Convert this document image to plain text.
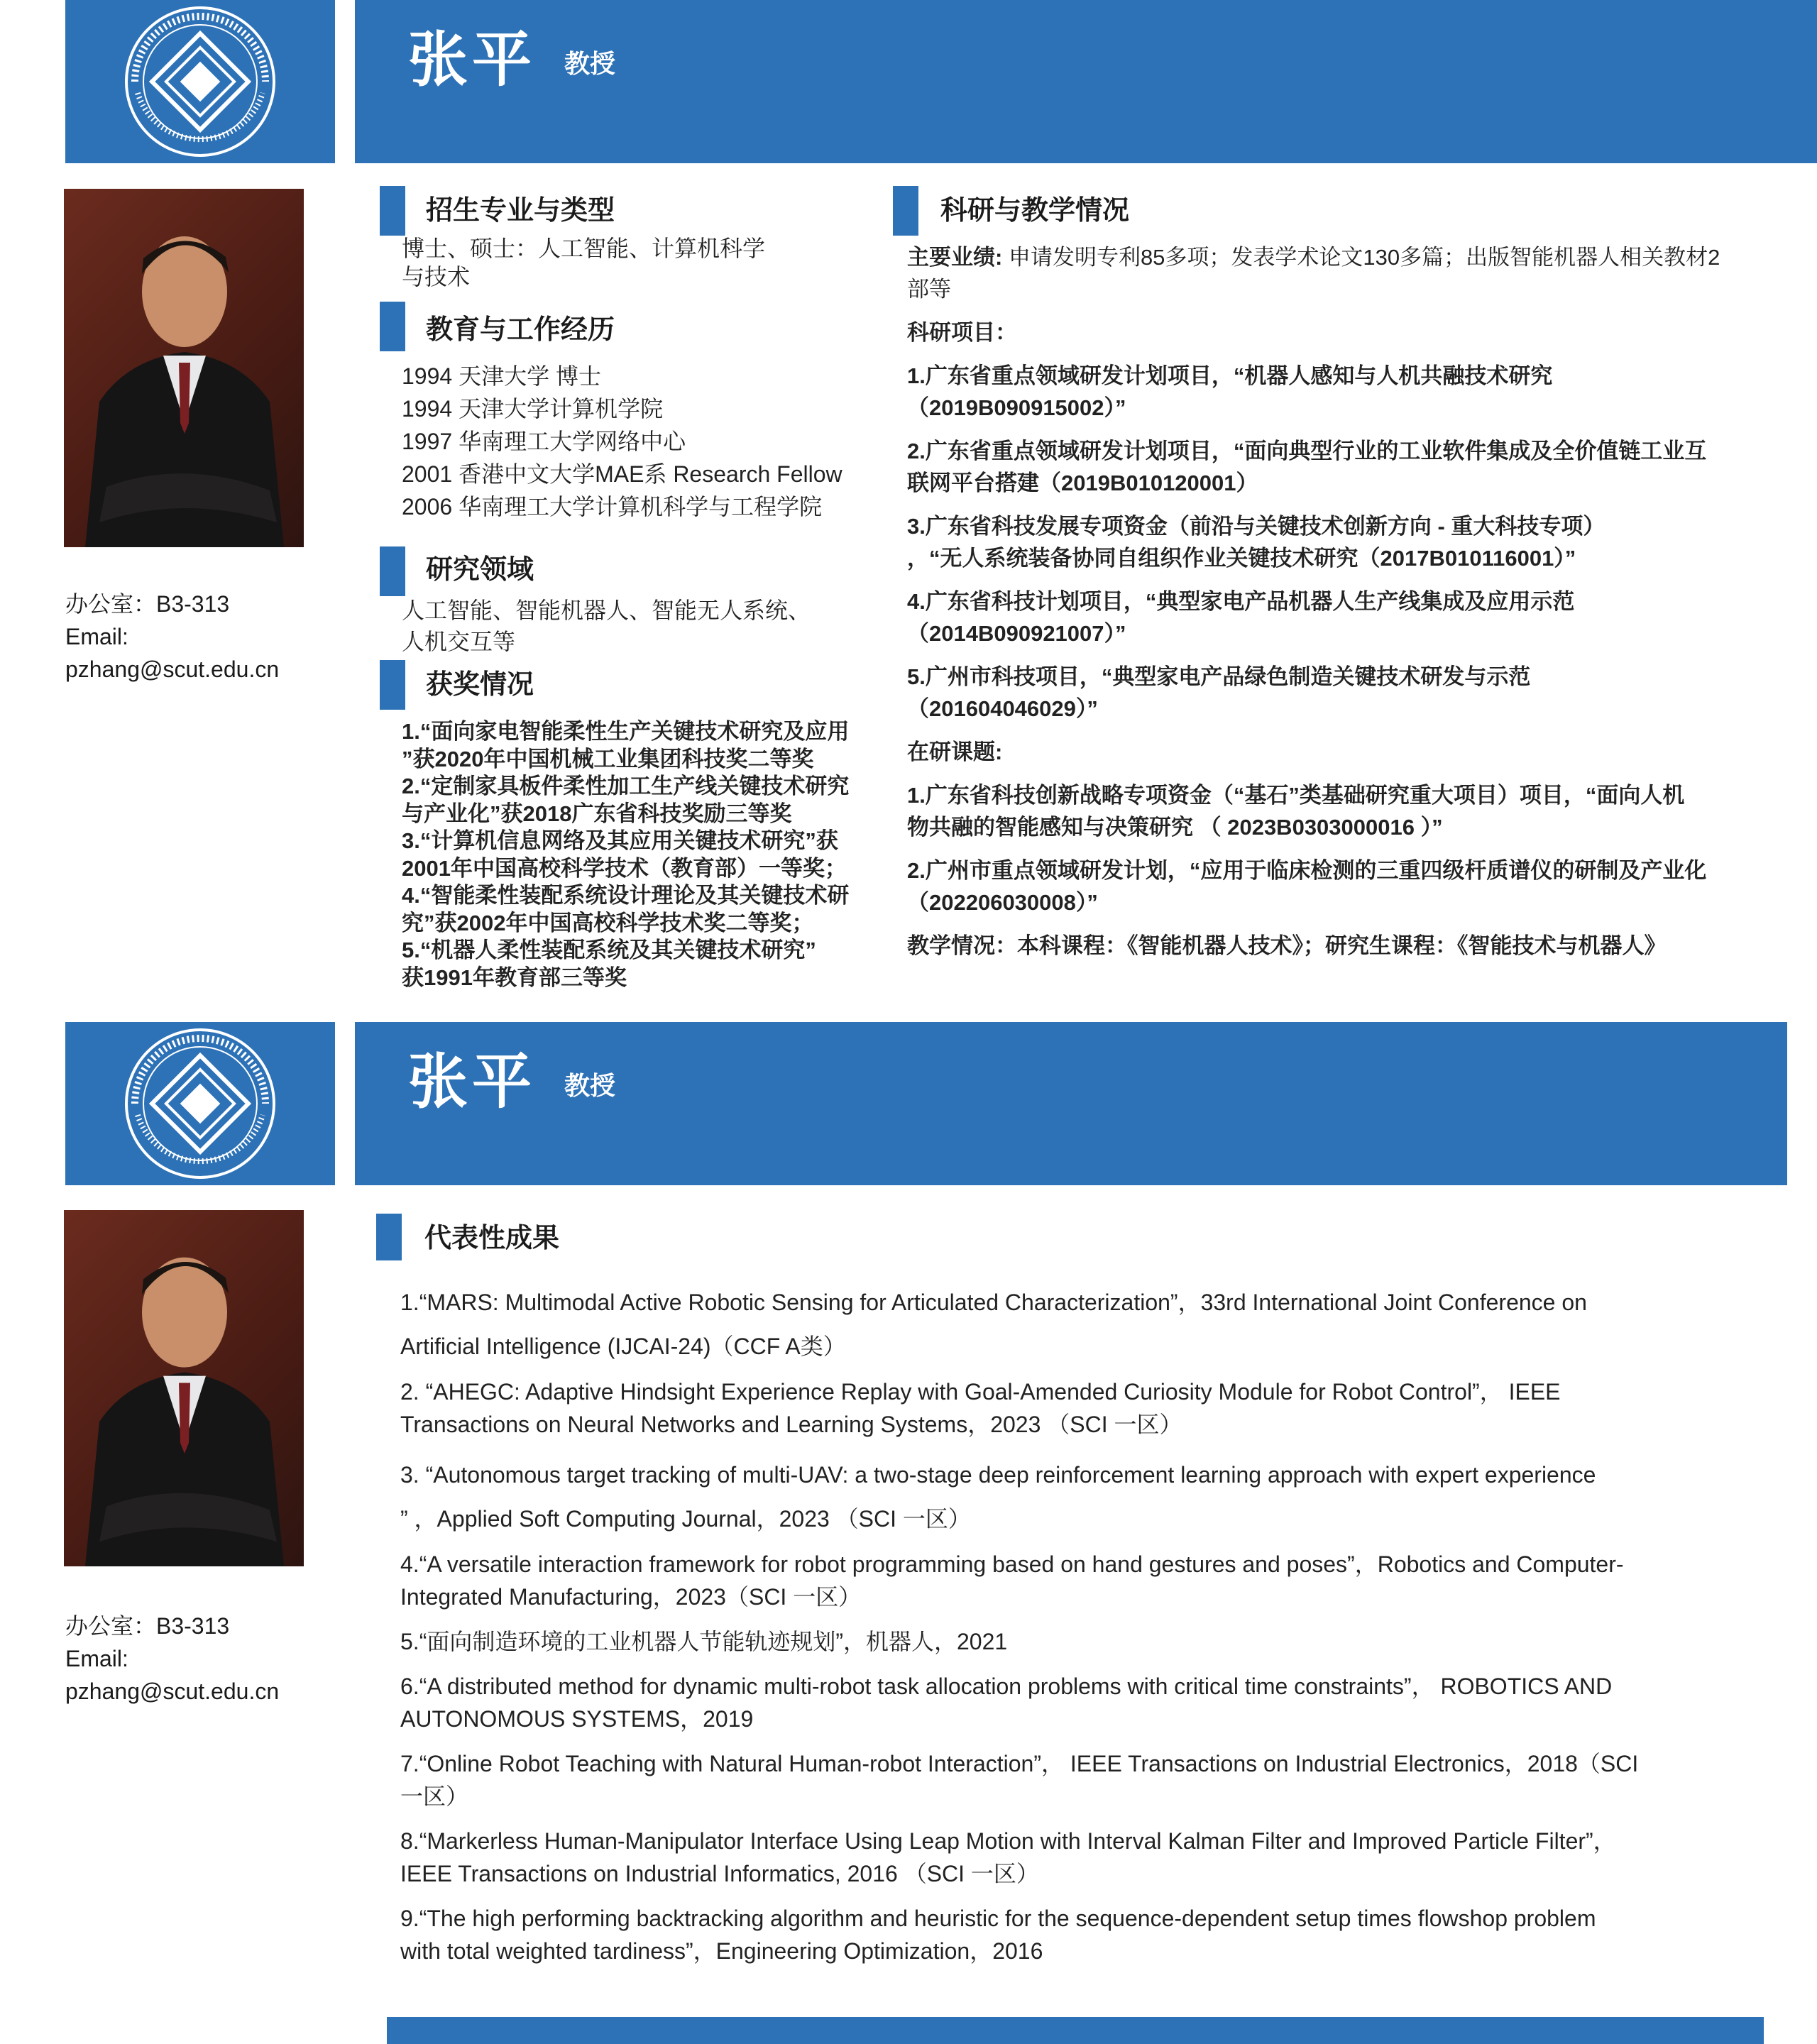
张平 教授
办公室：B3-313
Email:
pzhang@scut.edu.cn
招生专业与类型

博士、硕士：人工智能、计算机科学

与技术

教育与工作经历

1994 天津大学 博士

1994 天津大学计算机学院

1997 华南理工大学网络中心

2001 香港中文大学MAE系 Research Fellow

2006 华南理工大学计算机科学与工程学院

研究领域

人工智能、智能机器人、智能无人系统、

人机交互等

获奖情况

1.“面向家电智能柔性生产关键技术研究及应用

”获2020年中国机械工业集团科技奖二等奖

2.“定制家具板件柔性加工生产线关键技术研究

与产业化”获2018广东省科技奖励三等奖

3.“计算机信息网络及其应用关键技术研究”获

2001年中国高校科学技术（教育部）一等奖；

4.“智能柔性装配系统设计理论及其关键技术研

究”获2002年中国高校科学技术奖二等奖；

5.“机器人柔性装配系统及其关键技术研究”

获1991年教育部三等奖

科研与教学情况

主要业绩: 申请发明专利85多项；发表学术论文130多篇；出版智能机器人相关教材2
部等

科研项目：

1.广东省重点领域研发计划项目，“机器人感知与人机共融技术研究
（2019B090915002）”

2.广东省重点领域研发计划项目，“面向典型行业的工业软件集成及全价值链工业互
联网平台搭建（2019B010120001）

3.广东省科技发展专项资金（前沿与关键技术创新方向 - 重大科技专项）
，“无人系统装备协同自组织作业关键技术研究（2017B010116001）”

4.广东省科技计划项目，“典型家电产品机器人生产线集成及应用示范
（2014B090921007）”

5.广州市科技项目，“典型家电产品绿色制造关键技术研发与示范
（201604046029）”

在研课题:

1.广东省科技创新战略专项资金（“基石”类基础研究重大项目）项目，“面向人机
物共融的智能感知与决策研究 （ 2023B0303000016 ）”

2.广州市重点领域研发计划，“应用于临床检测的三重四级杆质谱仪的研制及产业化
（202206030008）”

教学情况：本科课程：《智能机器人技术》；研究生课程：《智能技术与机器人》

张平 教授
办公室：B3-313
Email:
pzhang@scut.edu.cn
代表性成果

1.“MARS: Multimodal Active Robotic Sensing for Articulated Characterization”，33rd International Joint Conference on
Artificial Intelligence (IJCAI-24)（CCF A类）

2. “AHEGC: Adaptive Hindsight Experience Replay with Goal-Amended Curiosity Module for Robot Control”， IEEE
Transactions on Neural Networks and Learning Systems，2023 （SCI 一区）

3. “Autonomous target tracking of multi-UAV: a two-stage deep reinforcement learning approach with expert experience
” ，Applied Soft Computing Journal，2023 （SCI 一区）

4.“A versatile interaction framework for robot programming based on hand gestures and poses”，Robotics and Computer-
Integrated Manufacturing，2023（SCI 一区）

5.“面向制造环境的工业机器人节能轨迹规划”，机器人，2021

6.“A distributed method for dynamic multi-robot task allocation problems with critical time constraints”， ROBOTICS AND
AUTONOMOUS SYSTEMS，2019

7.“Online Robot Teaching with Natural Human-robot Interaction”， IEEE Transactions on Industrial Electronics，2018（SCI
一区）

8.“Markerless Human-Manipulator Interface Using Leap Motion with Interval Kalman Filter and Improved Particle Filter”，
IEEE Transactions on Industrial Informatics, 2016 （SCI 一区）

9.“The high performing backtracking algorithm and heuristic for the sequence-dependent setup times flowshop problem
with total weighted tardiness”，Engineering Optimization，2016
